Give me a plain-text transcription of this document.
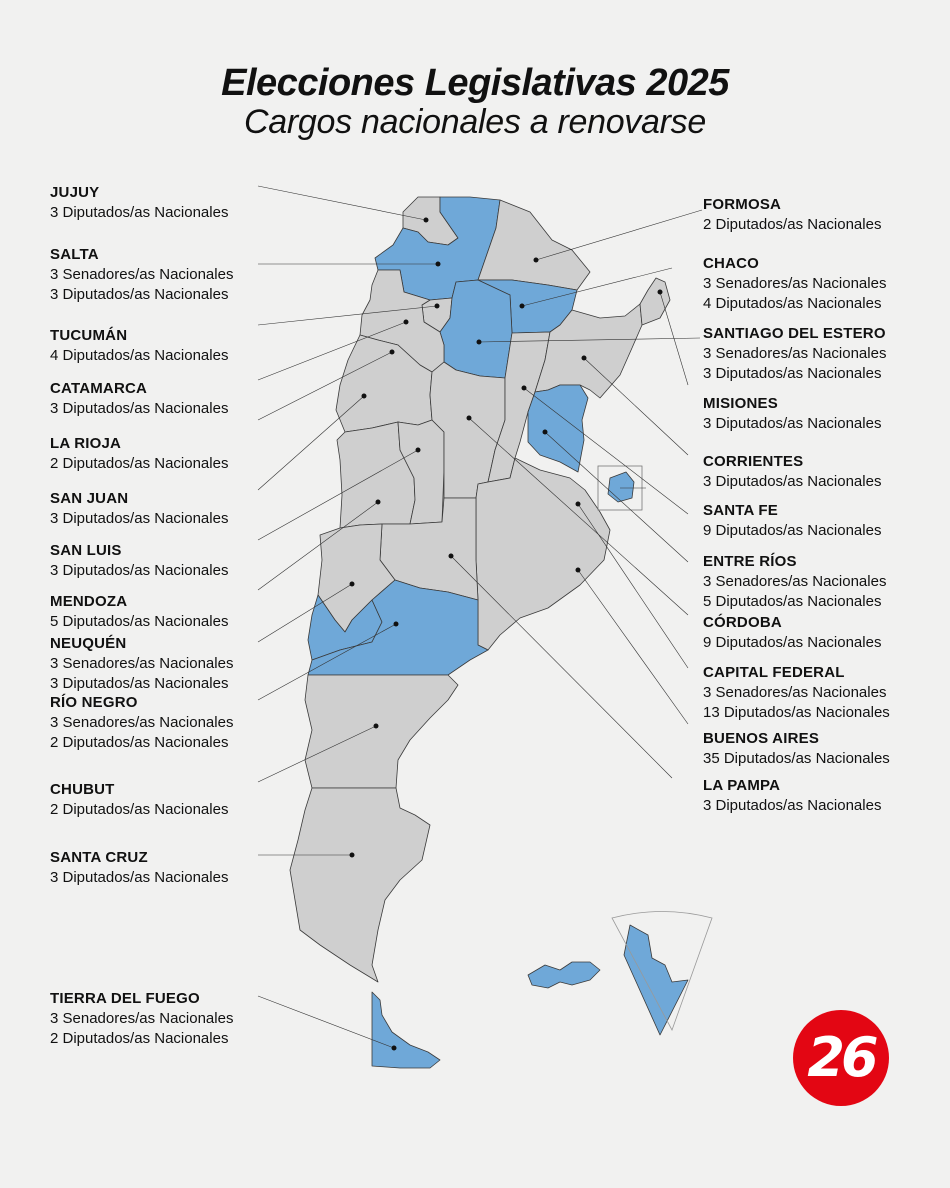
Elecciones Legislativas 2025
Cargos nacionales a renovarse
JUJUY
3 Diputados/as Nacionales
SALTA
3 Senadores/as Nacionales
3 Diputados/as Nacionales
TUCUMÁN
4 Diputados/as Nacionales
CATAMARCA
3 Diputados/as Nacionales
LA RIOJA
2 Diputados/as Nacionales
SAN JUAN
3 Diputados/as Nacionales
SAN LUIS
3 Diputados/as Nacionales
MENDOZA
5 Diputados/as Nacionales
NEUQUÉN
3 Senadores/as Nacionales
3 Diputados/as Nacionales
RÍO NEGRO
3 Senadores/as Nacionales
2 Diputados/as Nacionales
CHUBUT
2 Diputados/as Nacionales
SANTA CRUZ
3 Diputados/as Nacionales
TIERRA DEL FUEGO
3 Senadores/as Nacionales
2 Diputados/as Nacionales
FORMOSA
2 Diputados/as Nacionales
CHACO
3 Senadores/as Nacionales
4 Diputados/as Nacionales
SANTIAGO DEL ESTERO
3 Senadores/as Nacionales
3 Diputados/as Nacionales
MISIONES
3 Diputados/as Nacionales
CORRIENTES
3 Diputados/as Nacionales
SANTA FE
9 Diputados/as Nacionales
ENTRE RÍOS
3 Senadores/as Nacionales
5 Diputados/as Nacionales
CÓRDOBA
9 Diputados/as Nacionales
CAPITAL FEDERAL
3 Senadores/as Nacionales
13 Diputados/as Nacionales
BUENOS AIRES
35 Diputados/as Nacionales
LA PAMPA
3 Diputados/as Nacionales
26
